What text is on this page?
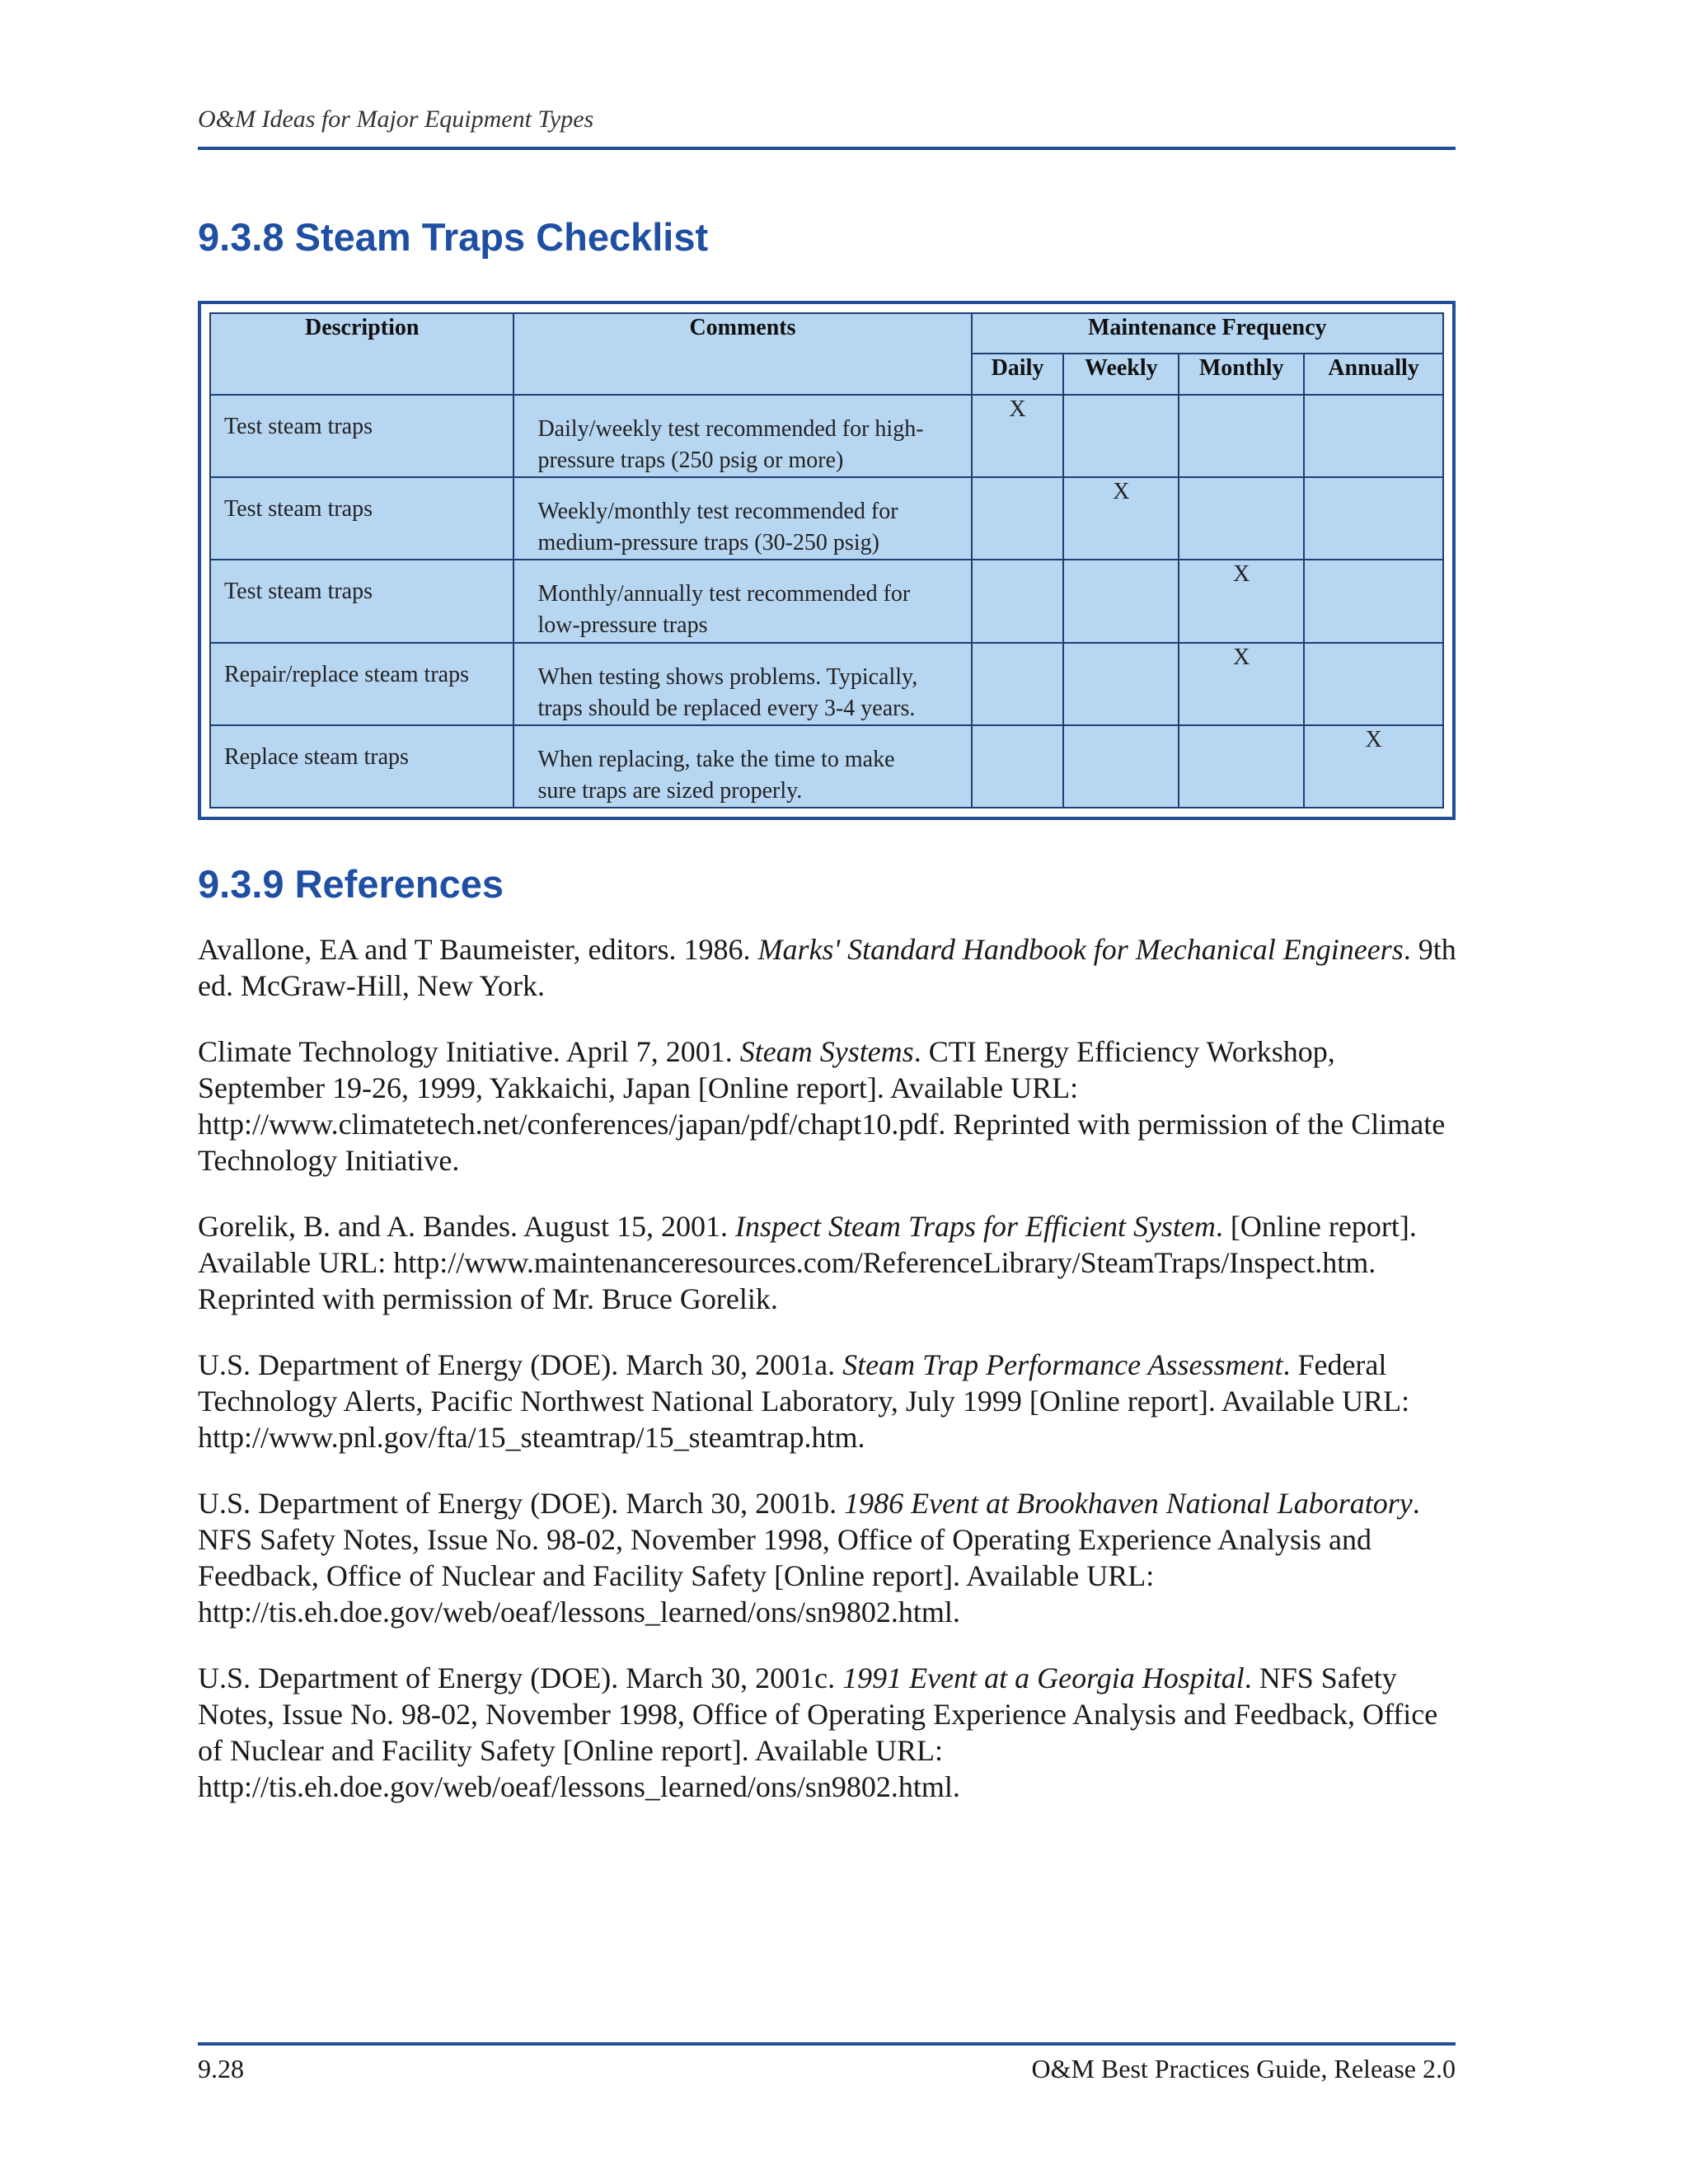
O&M Ideas for Major Equipment Types
9.3.8 Steam Traps Checklist
Description	Comments	Maintenance Frequency			
		Daily	Weekly	Monthly	Annually
Test steam traps	Daily/weekly test recommended for high-
pressure traps (250 psig or more)	X			
Test steam traps	Weekly/monthly test recommended for
medium-pressure traps (30-250 psig)		X		
Test steam traps	Monthly/annually test recommended for
low-pressure traps			X	
Repair/replace steam traps	When testing shows problems. Typically,
traps should be replaced every 3-4 years.			X	
Replace steam traps	When replacing, take the time to make
sure traps are sized properly.				X
9.3.9 References

Avallone, EA and T Baumeister, editors. 1986. Marks' Standard Handbook for Mechanical Engineers. 9th ed. McGraw-Hill, New York.

Climate Technology Initiative. April 7, 2001. Steam Systems. CTI Energy Efficiency Workshop, September 19-26, 1999, Yakkaichi, Japan [Online report]. Available URL: http://www.climatetech.net/conferences/japan/pdf/chapt10.pdf. Reprinted with permission of the Climate Technology Initiative.

Gorelik, B. and A. Bandes. August 15, 2001. Inspect Steam Traps for Efficient System. [Online report]. Available URL: http://www.maintenanceresources.com/ReferenceLibrary/SteamTraps/Inspect.htm. Reprinted with permission of Mr. Bruce Gorelik.

U.S. Department of Energy (DOE). March 30, 2001a. Steam Trap Performance Assessment. Federal Technology Alerts, Pacific Northwest National Laboratory, July 1999 [Online report]. Available URL: http://www.pnl.gov/fta/15_steamtrap/15_steamtrap.htm.

U.S. Department of Energy (DOE). March 30, 2001b. 1986 Event at Brookhaven National Laboratory. NFS Safety Notes, Issue No. 98-02, November 1998, Office of Operating Experience Analysis and Feedback, Office of Nuclear and Facility Safety [Online report]. Available URL: http://tis.eh.doe.gov/web/oeaf/lessons_learned/ons/sn9802.html.

U.S. Department of Energy (DOE). March 30, 2001c. 1991 Event at a Georgia Hospital. NFS Safety Notes, Issue No. 98-02, November 1998, Office of Operating Experience Analysis and Feedback, Office of Nuclear and Facility Safety [Online report]. Available URL: http://tis.eh.doe.gov/web/oeaf/lessons_learned/ons/sn9802.html.

9.28	O&M Best Practices Guide, Release 2.0
